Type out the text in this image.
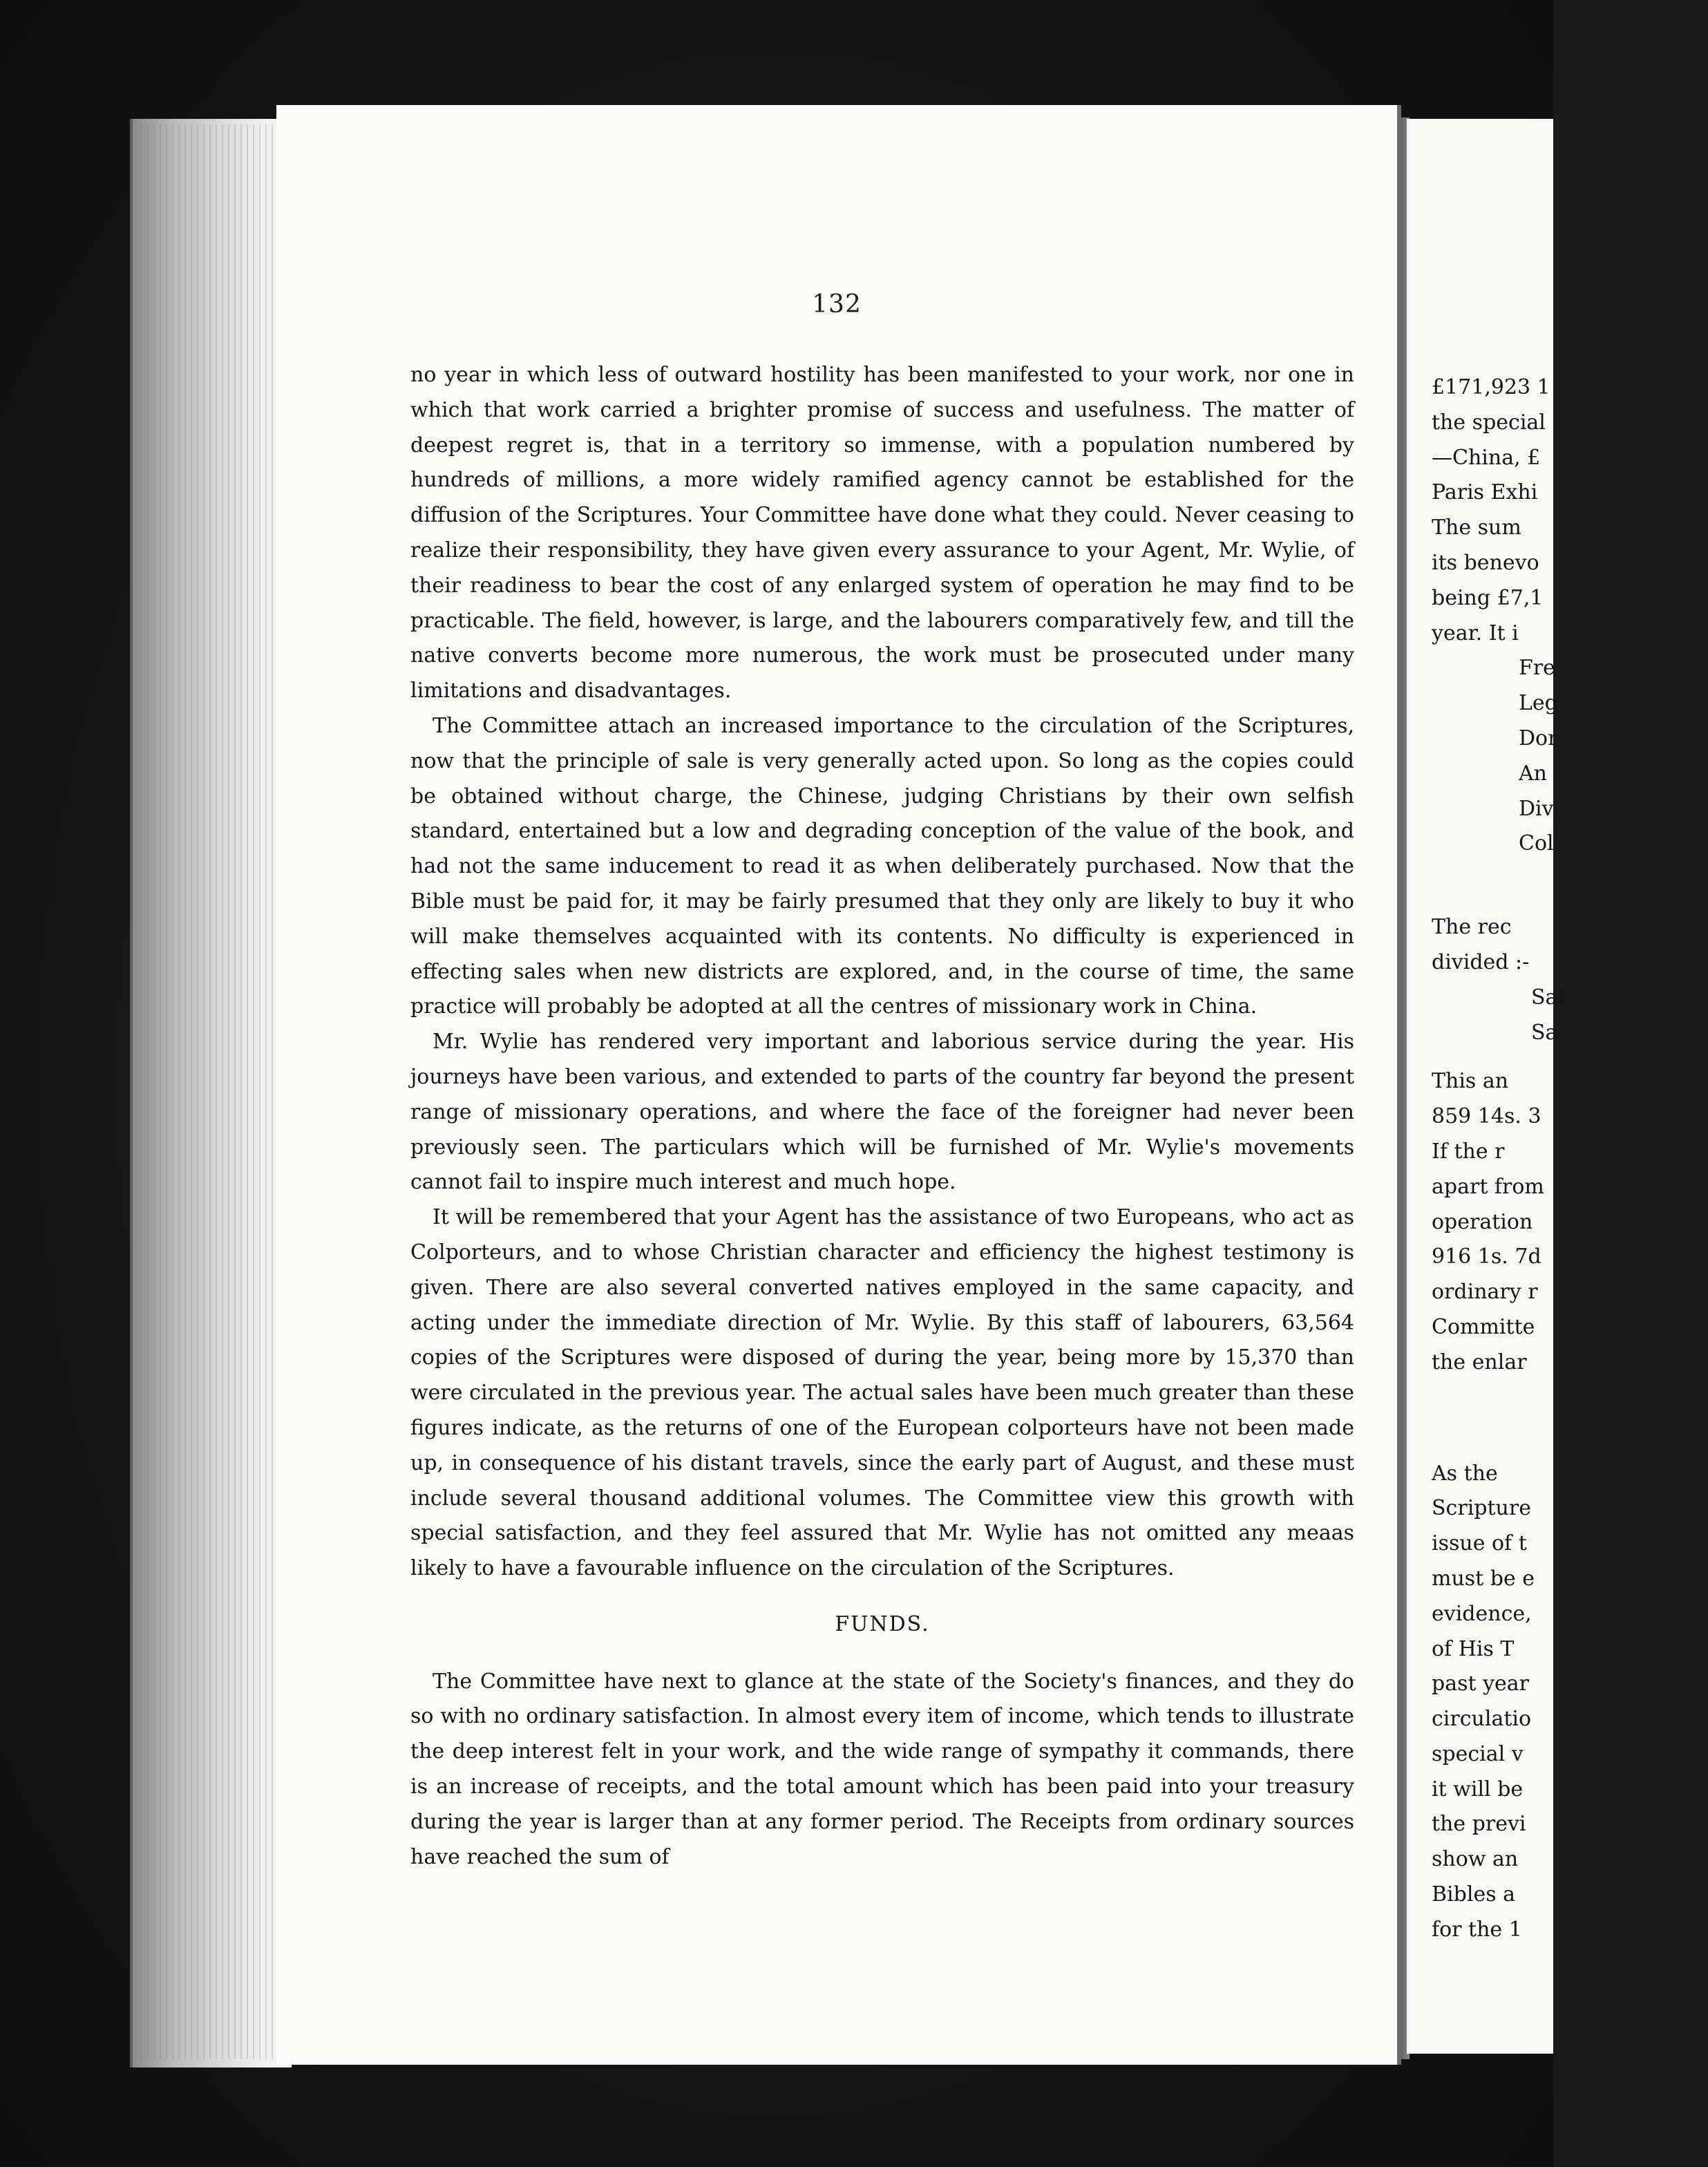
132

no year in which less of outward hostility has been manifested to your work, nor one in which that work carried a brighter promise of success and usefulness. The matter of deepest regret is, that in a territory so immense, with a population numbered by hundreds of millions, a more widely ramified agency cannot be established for the diffusion of the Scriptures. Your Committee have done what they could. Never ceasing to realize their responsibility, they have given every assurance to your Agent, Mr. Wylie, of their readiness to bear the cost of any enlarged system of operation he may find to be practicable. The field, however, is large, and the labourers comparatively few, and till the native converts become more numerous, the work must be prosecuted under many limitations and disadvantages.

The Committee attach an increased importance to the circulation of the Scriptures, now that the principle of sale is very generally acted upon. So long as the copies could be obtained without charge, the Chinese, judging Christians by their own selfish standard, entertained but a low and degrading conception of the value of the book, and had not the same inducement to read it as when deliberately purchased. Now that the Bible must be paid for, it may be fairly presumed that they only are likely to buy it who will make themselves acquainted with its contents. No difficulty is experienced in effecting sales when new districts are explored, and, in the course of time, the same practice will probably be adopted at all the centres of missionary work in China.

Mr. Wylie has rendered very important and laborious service during the year. His journeys have been various, and extended to parts of the country far beyond the present range of missionary operations, and where the face of the foreigner had never been previously seen. The particulars which will be furnished of Mr. Wylie's movements cannot fail to inspire much interest and much hope.

It will be remembered that your Agent has the assistance of two Europeans, who act as Colporteurs, and to whose Christian character and efficiency the highest testimony is given. There are also several converted natives employed in the same capacity, and acting under the immediate direction of Mr. Wylie. By this staff of labourers, 63,564 copies of the Scriptures were disposed of during the year, being more by 15,370 than were circulated in the previous year. The actual sales have been much greater than these figures indicate, as the returns of one of the European colporteurs have not been made up, in consequence of his distant travels, since the early part of August, and these must include several thousand additional volumes. The Committee view this growth with special satisfaction, and they feel assured that Mr. Wylie has not omitted any meaas likely to have a favourable influence on the circulation of the Scriptures.

FUNDS.

The Committee have next to glance at the state of the Society's finances, and they do so with no ordinary satisfaction. In almost every item of income, which tends to illustrate the deep interest felt in your work, and the wide range of sympathy it commands, there is an increase of receipts, and the total amount which has been paid into your treasury during the year is larger than at any former period. The Receipts from ordinary sources have reached the sum of

£171,923 1
the special
—China, £
Paris Exhi
The sum
its benevo
being £7,1
year. It i
Fre
Leg
Dor
An
Div
Col
The rec
divided :-
Sal
Sa
This an
859 14s. 3
If the r
apart from
operation
916 1s. 7d
ordinary r
Committe
the enlar
As the
Scripture
issue of t
must be e
evidence,
of His T
past year
circulatio
special v
it will be
the previ
show an
Bibles a
for the 1
